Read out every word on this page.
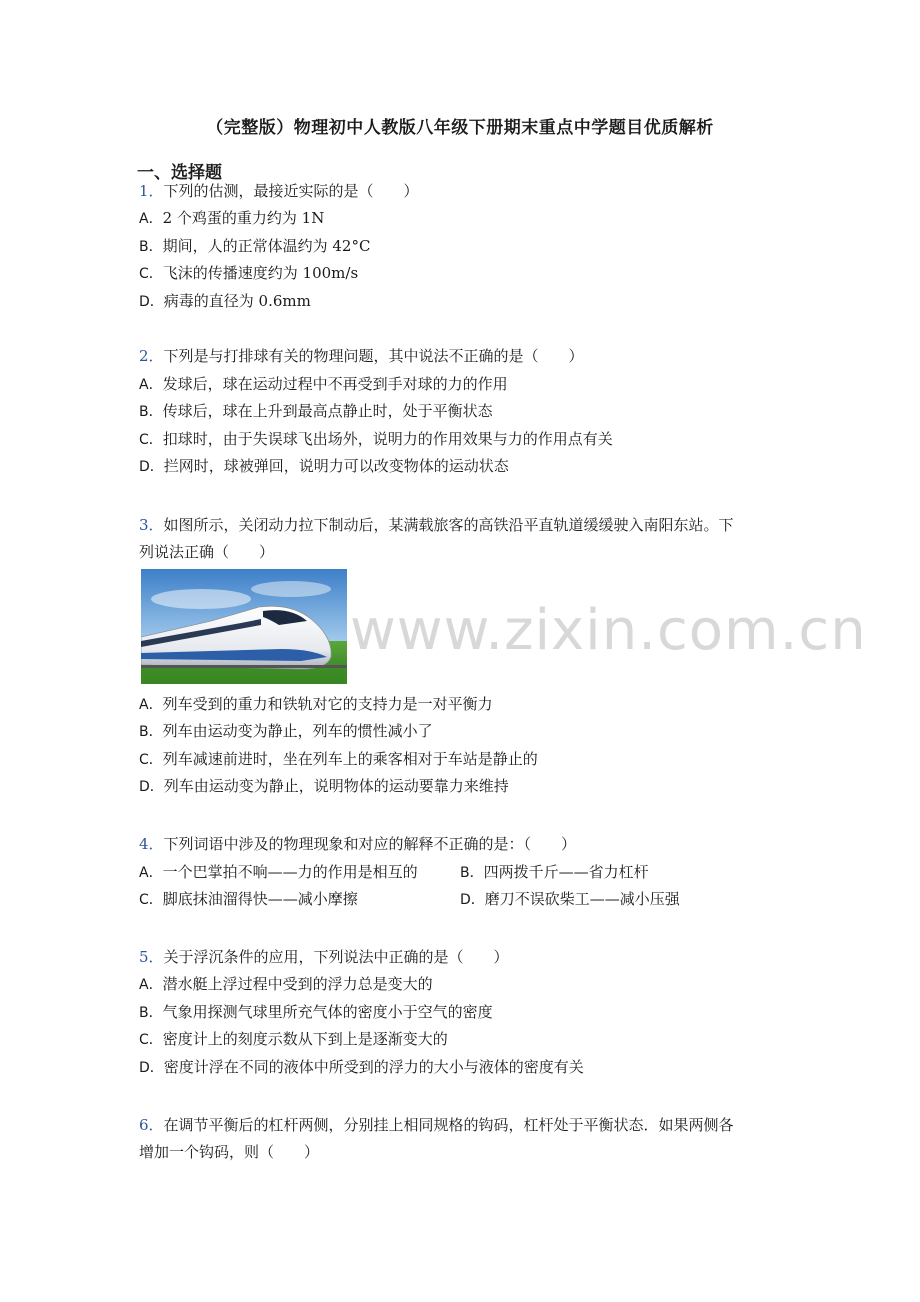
（完整版）物理初中人教版八年级下册期末重点中学题目优质解析
一、选择题
1．下列的估测，最接近实际的是（　　）
A．2 个鸡蛋的重力约为 1N
B．期间，人的正常体温约为 42°C
C．飞沫的传播速度约为 100m/s
D．病毒的直径为 0.6mm
2．下列是与打排球有关的物理问题，其中说法不正确的是（　　）
A．发球后，球在运动过程中不再受到手对球的力的作用
B．传球后，球在上升到最高点静止时，处于平衡状态
C．扣球时，由于失误球飞出场外，说明力的作用效果与力的作用点有关
D．拦网时，球被弹回，说明力可以改变物体的运动状态
3．如图所示，关闭动力拉下制动后，某满载旅客的高铁沿平直轨道缓缓驶入南阳东站。下
列说法正确（　　）
www.zixin.com.cn
A．列车受到的重力和铁轨对它的支持力是一对平衡力
B．列车由运动变为静止，列车的惯性减小了
C．列车减速前进时，坐在列车上的乘客相对于车站是静止的
D．列车由运动变为静止，说明物体的运动要靠力来维持
4．下列词语中涉及的物理现象和对应的解释不正确的是：（　　）
A．一个巴掌拍不响——力的作用是相互的	B．四两拨千斤——省力杠杆
C．脚底抹油溜得快——减小摩擦	D．磨刀不误砍柴工——减小压强
5．关于浮沉条件的应用，下列说法中正确的是（　　）
A．潜水艇上浮过程中受到的浮力总是变大的
B．气象用探测气球里所充气体的密度小于空气的密度
C．密度计上的刻度示数从下到上是逐渐变大的
D．密度计浮在不同的液体中所受到的浮力的大小与液体的密度有关
6．在调节平衡后的杠杆两侧，分别挂上相同规格的钩码，杠杆处于平衡状态．如果两侧各
增加一个钩码，则（　　）
